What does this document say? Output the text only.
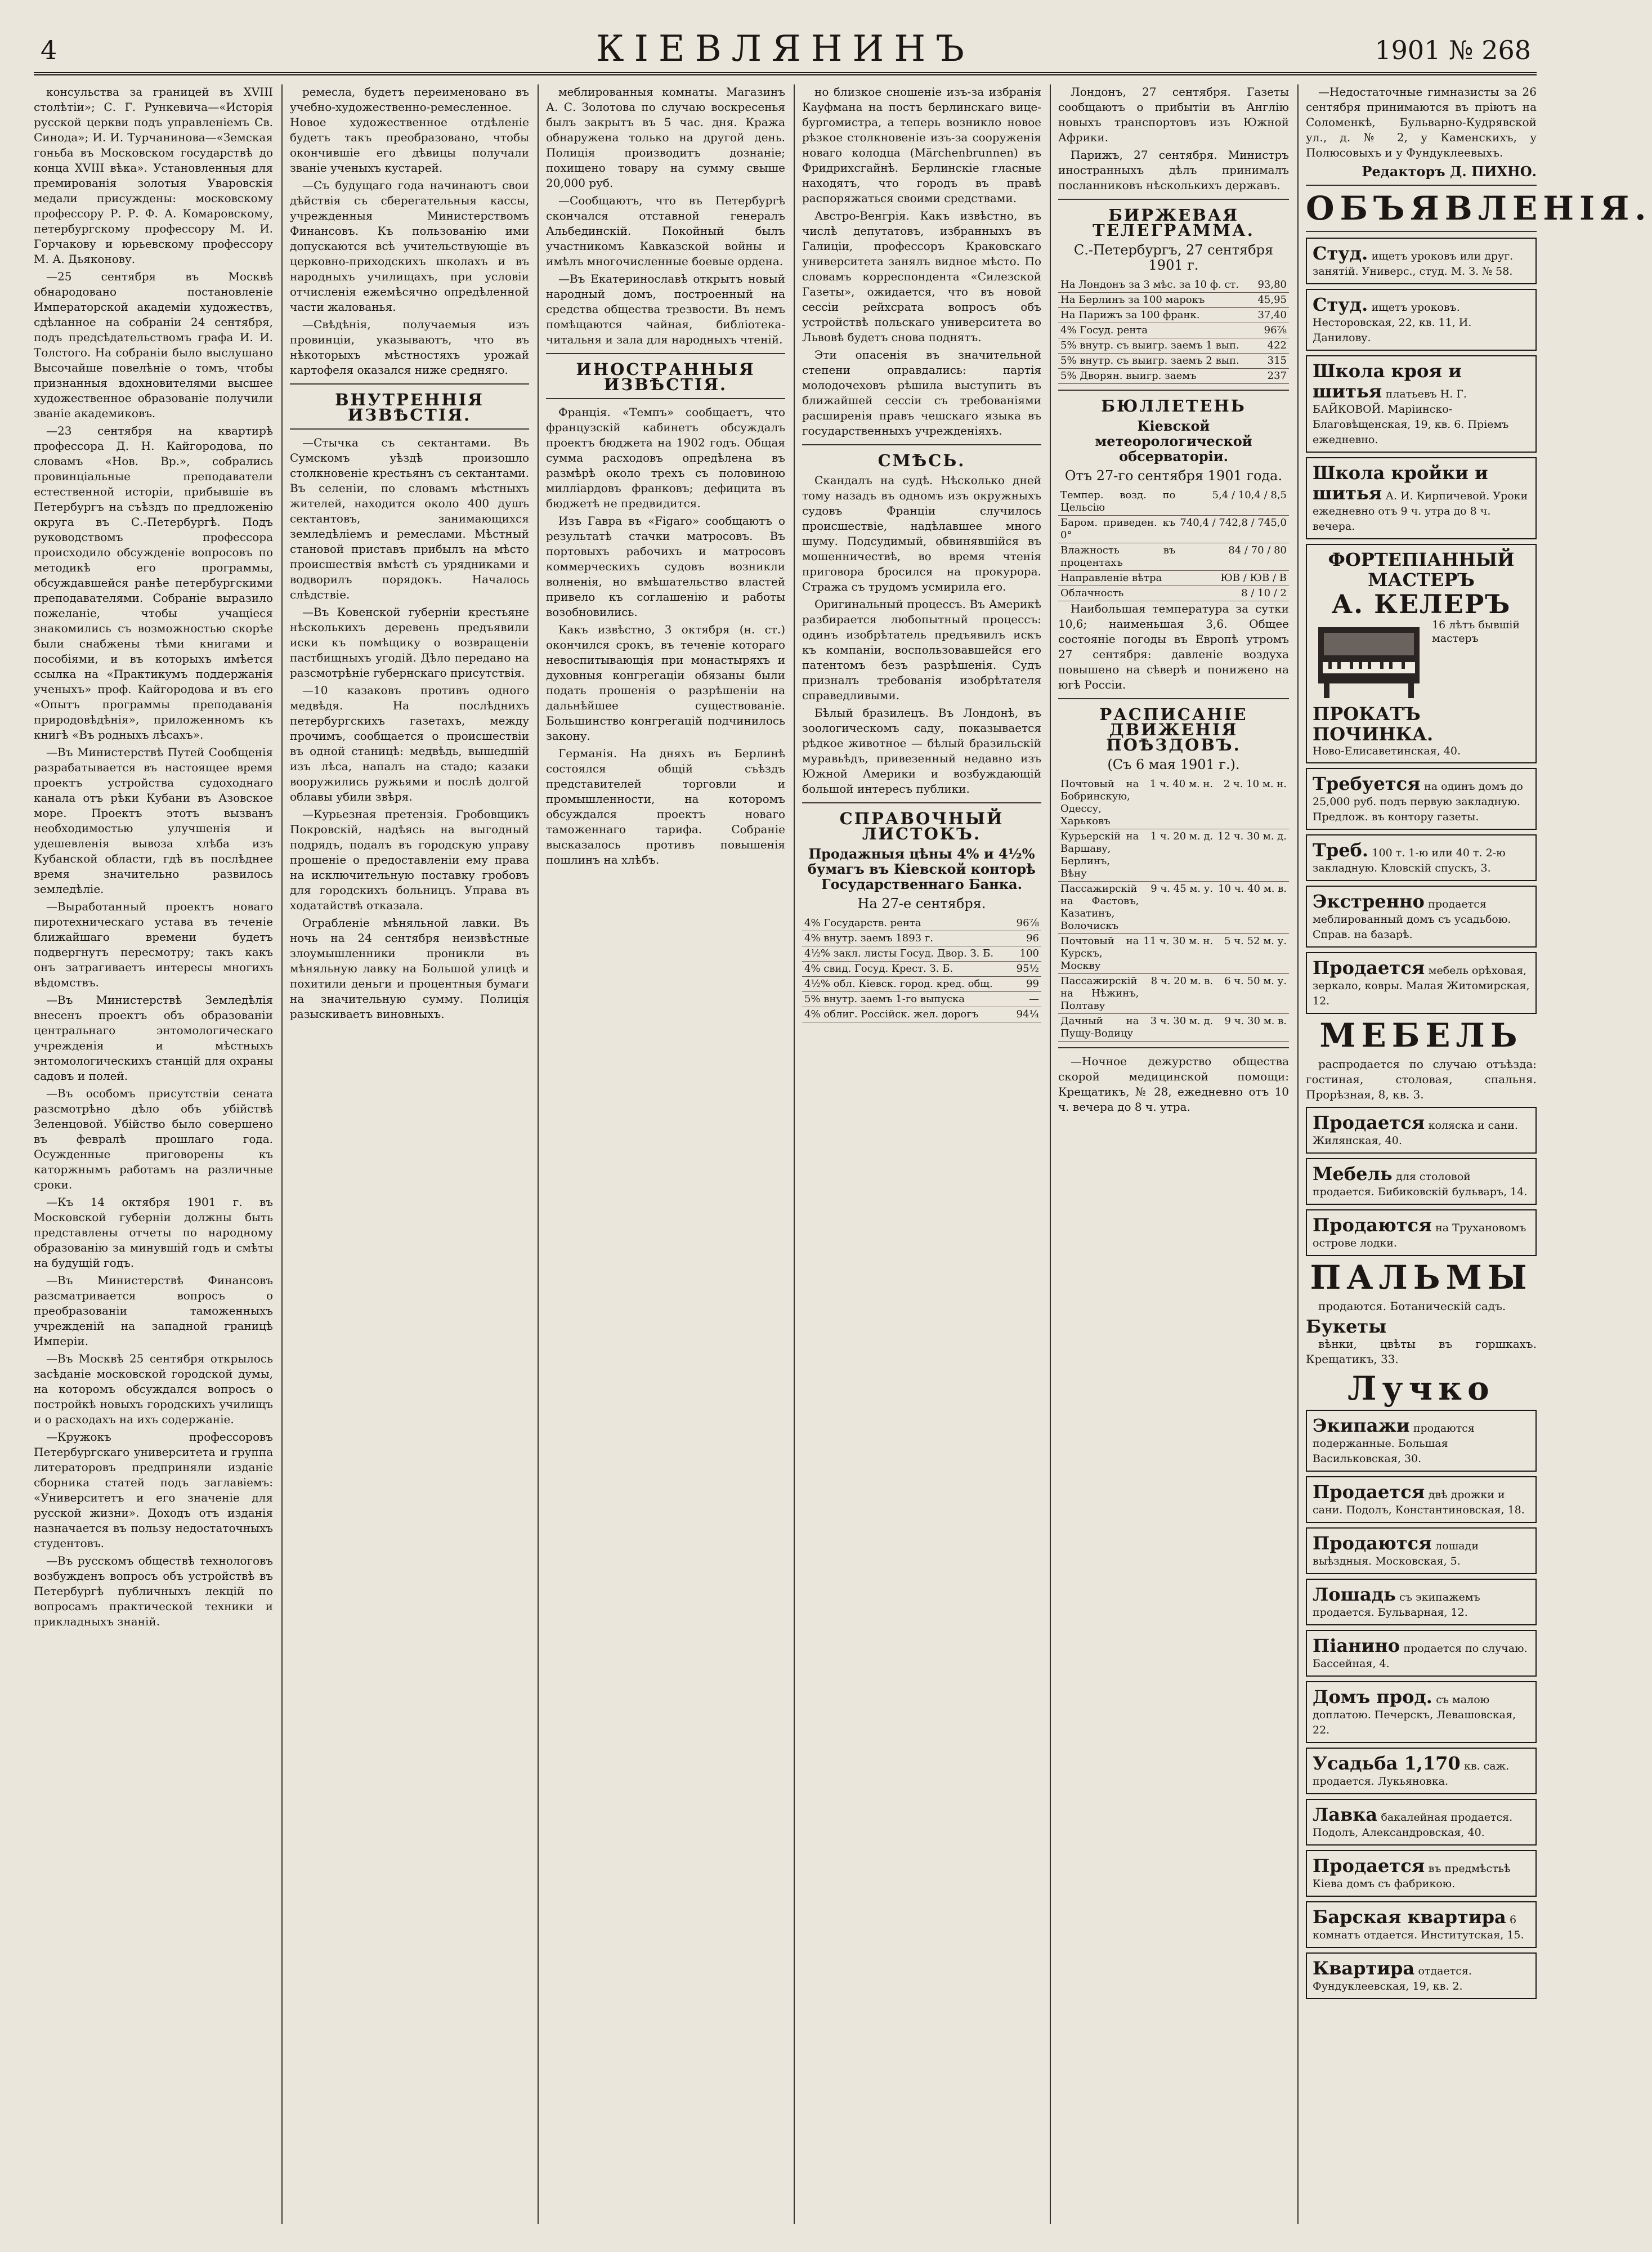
4	КІЕВЛЯНИНЪ	1901 № 268

консульства за границей въ XVIII столѣтіи»; С. Г. Рункевича—«Исторія русской церкви подъ управленіемъ Св. Синода»; И. И. Турчанинова—«Земская гоньба въ Московском государствѣ до конца XVIII вѣка». Установленныя для премированія золотыя Уваровскія медали присуждены: московскому профессору Р. Р. Ф. А. Комаровскому, петербургскому профессору М. И. Горчакову и юрьевскому профессору М. А. Дьяконову.

—25 сентября въ Москвѣ обнародовано постановленіе Императорской академіи художествъ, сдѣланное на собраніи 24 сентября, подъ предсѣдательствомъ графа И. И. Толстого. На собраніи было выслушано Высочайше повелѣніе о томъ, чтобы признанныя вдохновителями высшее художественное образованіе получили званіе академиковъ.

—23 сентября на квартирѣ профессора Д. Н. Кайгородова, по словамъ «Нов. Вр.», собрались провинціальные преподаватели естественной исторіи, прибывшіе въ Петербургъ на съѣздъ по предложенію округа въ С.-Петербургѣ. Подъ руководствомъ профессора происходило обсужденіе вопросовъ по методикѣ его программы, обсуждавшейся ранѣе петербургскими преподавателями. Собраніе выразило пожеланіе, чтобы учащіеся знакомились съ возможностью скорѣе были снабжены тѣми книгами и пособіями, и въ которыхъ имѣется ссылка на «Практикумъ поддержанія ученыхъ» проф. Кайгородова и въ его «Опытъ программы преподаванія природовѣдѣнія», приложенномъ къ книгѣ «Въ родныхъ лѣсахъ».

—Въ Министерствѣ Путей Сообщенія разрабатывается въ настоящее время проектъ устройства судоходнаго канала отъ рѣки Кубани въ Азовское море. Проектъ этотъ вызванъ необходимостью улучшенія и удешевленія вывоза хлѣба изъ Кубанской области, гдѣ въ послѣднее время значительно развилось земледѣліе.

—Выработанный проектъ новаго пиротехническаго устава въ теченіе ближайшаго времени будетъ подвергнутъ пересмотру; такъ какъ онъ затрагиваетъ интересы многихъ вѣдомствъ.

—Въ Министерствѣ Земледѣлія внесенъ проектъ объ образованіи центральнаго энтомологическаго учрежденія и мѣстныхъ энтомологическихъ станцій для охраны садовъ и полей.

—Въ особомъ присутствіи сената разсмотрѣно дѣло объ убійствѣ Зеленцовой. Убійство было совершено въ февралѣ прошлаго года. Осужденные приговорены къ каторжнымъ работамъ на различные сроки.

—Къ 14 октября 1901 г. въ Московской губерніи должны быть представлены отчеты по народному образованію за минувшій годъ и смѣты на будущій годъ.

—Въ Министерствѣ Финансовъ разсматривается вопросъ о преобразованіи таможенныхъ учрежденій на западной границѣ Имперіи.

—Въ Москвѣ 25 сентября открылось засѣданіе московской городской думы, на которомъ обсуждался вопросъ о постройкѣ новыхъ городскихъ училищъ и о расходахъ на ихъ содержаніе.

—Кружокъ профессоровъ Петербургскаго университета и группа литераторовъ предприняли изданіе сборника статей подъ заглавіемъ: «Университетъ и его значеніе для русской жизни». Доходъ отъ изданія назначается въ пользу недостаточныхъ студентовъ.

—Въ русскомъ обществѣ технологовъ возбужденъ вопросъ объ устройствѣ въ Петербургѣ публичныхъ лекцій по вопросамъ практической техники и прикладныхъ знаній.

ремесла, будетъ переименовано въ учебно-художественно-ремесленное. Новое художественное отдѣленіе будетъ такъ преобразовано, чтобы окончившіе его дѣвицы получали званіе ученыхъ кустарей.

—Съ будущаго года начинаютъ свои дѣйствія съ сберегательныя кассы, учрежденныя Министерствомъ Финансовъ. Къ пользованію ими допускаются всѣ учительствующіе въ церковно-приходскихъ школахъ и въ народныхъ училищахъ, при условіи отчисленія ежемѣсячно опредѣленной части жалованья.

—Свѣдѣнія, получаемыя изъ провинціи, указываютъ, что въ нѣкоторыхъ мѣстностяхъ урожай картофеля оказался ниже средняго.

ВНУТРЕННІЯ ИЗВѢСТІЯ.

—Стычка съ сектантами. Въ Сумскомъ уѣздѣ произошло столкновеніе крестьянъ съ сектантами. Въ селеніи, по словамъ мѣстныхъ жителей, находится около 400 душъ сектантовъ, занимающихся земледѣліемъ и ремеслами. Мѣстный становой приставъ прибылъ на мѣсто происшествія вмѣстѣ съ урядниками и водворилъ порядокъ. Началось слѣдствіе.

—Въ Ковенской губерніи крестьяне нѣсколькихъ деревень предъявили иски къ помѣщику о возвращеніи пастбищныхъ угодій. Дѣло передано на разсмотрѣніе губернскаго присутствія.

—10 казаковъ противъ одного медвѣдя. На послѣднихъ петербургскихъ газетахъ, между прочимъ, сообщается о происшествіи въ одной станицѣ: медвѣдь, вышедшій изъ лѣса, напалъ на стадо; казаки вооружились ружьями и послѣ долгой облавы убили звѣря.

—Курьезная претензія. Гробовщикъ Покровскій, надѣясь на выгодный подрядъ, подалъ въ городскую управу прошеніе о предоставленіи ему права на исключительную поставку гробовъ для городскихъ больницъ. Управа въ ходатайствѣ отказала.

Ограбленіе мѣняльной лавки. Въ ночь на 24 сентября неизвѣстные злоумышленники проникли въ мѣняльную лавку на Большой улицѣ и похитили деньги и процентныя бумаги на значительную сумму. Полиція разыскиваетъ виновныхъ.

меблированныя комнаты. Магазинъ А. С. Золотова по случаю воскресенья былъ закрытъ въ 5 час. дня. Кража обнаружена только на другой день. Полиція производитъ дознаніе; похищено товару на сумму свыше 20,000 руб.

—Сообщаютъ, что въ Петербургѣ скончался отставной генералъ Альбединскій. Покойный былъ участникомъ Кавказской войны и имѣлъ многочисленные боевые ордена.

—Въ Екатеринославѣ открытъ новый народный домъ, построенный на средства общества трезвости. Въ немъ помѣщаются чайная, библіотека-читальня и зала для народныхъ чтеній.

ИНОСТРАННЫЯ ИЗВѢСТІЯ.

Франція. «Темпъ» сообщаетъ, что французскій кабинетъ обсуждалъ проектъ бюджета на 1902 годъ. Общая сумма расходовъ опредѣлена въ размѣрѣ около трехъ съ половиною милліардовъ франковъ; дефицита въ бюджетѣ не предвидится.

Изъ Гавра въ «Figaro» сообщаютъ о результатѣ стачки матросовъ. Въ портовыхъ рабочихъ и матросовъ коммерческихъ судовъ возникли волненія, но вмѣшательство властей привело къ соглашенію и работы возобновились.

Какъ извѣстно, 3 октября (н. ст.) окончился срокъ, въ теченіе котораго невоспитывающія при монастыряхъ и духовныя конгрегаціи обязаны были подать прошенія о разрѣшеніи на дальнѣйшее существованіе. Большинство конгрегацій подчинилось закону.

Германія. На дняхъ въ Берлинѣ состоялся общій съѣздъ представителей торговли и промышленности, на которомъ обсуждался проектъ новаго таможеннаго тарифа. Собраніе высказалось противъ повышенія пошлинъ на хлѣбъ.

но близкое сношеніе изъ-за избранія Кауфмана на постъ берлинскаго вице-бургомистра, а теперь возникло новое рѣзкое столкновеніе изъ-за сооруженія новаго колодца (Märchenbrunnen) въ Фридрихсгайнѣ. Берлинскіе гласные находятъ, что городъ въ правѣ распоряжаться своими средствами.

Австро-Венгрія. Какъ извѣстно, въ числѣ депутатовъ, избранныхъ въ Галиціи, профессоръ Краковскаго университета занялъ видное мѣсто. По словамъ корреспондента «Силезской Газеты», ожидается, что въ новой сессіи рейхсрата вопросъ объ устройствѣ польскаго университета во Львовѣ будетъ снова поднятъ.

Эти опасенія въ значительной степени оправдались: партія молодочеховъ рѣшила выступить въ ближайшей сессіи съ требованіями расширенія правъ чешскаго языка въ государственныхъ учрежденіяхъ.

СМѢСЬ.

Скандалъ на судѣ. Нѣсколько дней тому назадъ въ одномъ изъ окружныхъ судовъ Франціи случилось происшествіе, надѣлавшее много шуму. Подсудимый, обвинявшійся въ мошенничествѣ, во время чтенія приговора бросился на прокурора. Стража съ трудомъ усмирила его.

Оригинальный процессъ. Въ Америкѣ разбирается любопытный процессъ: одинъ изобрѣтатель предъявилъ искъ къ компаніи, воспользовавшейся его патентомъ безъ разрѣшенія. Судъ призналъ требованія изобрѣтателя справедливыми.

Бѣлый бразилецъ. Въ Лондонѣ, въ зоологическомъ саду, показывается рѣдкое животное — бѣлый бразильскій муравьѣдъ, привезенный недавно изъ Южной Америки и возбуждающій большой интересъ публики.

СПРАВОЧНЫЙ ЛИСТОКЪ.
Продажныя цѣны 4% и 4½% бумагъ въ Кіевской конторѣ Государственнаго Банка.
На 27-е сентября.
4% Государств. рента	96⅞
4% внутр. заемъ 1893 г.	96
4½% закл. листы Госуд. Двор. З. Б.	100
4% свид. Госуд. Крест. З. Б.	95½
4½% обл. Кіевск. город. кред. общ.	99
5% внутр. заемъ 1-го выпуска	—
4% облиг. Россійск. жел. дорогъ	94¼

Лондонъ, 27 сентября. Газеты сообщаютъ о прибытіи въ Англію новыхъ транспортовъ изъ Южной Африки.

Парижъ, 27 сентября. Министръ иностранныхъ дѣлъ принималъ посланниковъ нѣсколькихъ державъ.

БИРЖЕВАЯ ТЕЛЕГРАММА.
С.-Петербургъ, 27 сентября 1901 г.
На Лондонъ за 3 мѣс. за 10 ф. ст.	93,80
На Берлинъ за 100 марокъ	45,95
На Парижъ за 100 франк.	37,40
4% Госуд. рента	96⅞
5% внутр. съ выигр. заемъ 1 вып.	422
5% внутр. съ выигр. заемъ 2 вып.	315
5% Дворян. выигр. заемъ	237
БЮЛЛЕТЕНЬ
Кіевской метеорологической обсерваторіи.
Отъ 27-го сентября 1901 года.
Темпер. возд. по Цельсію	5,4 / 10,4 / 8,5
Баром. приведен. къ 0°	740,4 / 742,8 / 745,0
Влажность въ процентахъ	84 / 70 / 80
Направленіе вѣтра	ЮВ / ЮВ / В
Облачность	8 / 10 / 2

Наибольшая температура за сутки 10,6; наименьшая 3,6. Общее состояніе погоды въ Европѣ утромъ 27 сентября: давленіе воздуха повышено на сѣверѣ и понижено на югѣ Россіи.

РАСПИСАНІЕ ДВИЖЕНІЯ ПОѢЗДОВЪ.
(Съ 6 мая 1901 г.).
Почтовый на Бобринскую, Одессу, Харьковъ	1 ч. 40 м. н.	2 ч. 10 м. н.
Курьерскій на Варшаву, Берлинъ, Вѣну	1 ч. 20 м. д.	12 ч. 30 м. д.
Пассажирскій на Фастовъ, Казатинъ, Волочискъ	9 ч. 45 м. у.	10 ч. 40 м. в.
Почтовый на Курскъ, Москву	11 ч. 30 м. н.	5 ч. 52 м. у.
Пассажирскій на Нѣжинъ, Полтаву	8 ч. 20 м. в.	6 ч. 50 м. у.
Дачный на Пущу-Водицу	3 ч. 30 м. д.	9 ч. 30 м. в.

—Ночное дежурство общества скорой медицинской помощи: Крещатикъ, № 28, ежедневно отъ 10 ч. вечера до 8 ч. утра.

—Недостаточные гимназисты за 26 сентября принимаются въ пріютъ на Соломенкѣ, Бульварно-Кудрявской ул., д. № 2, у Каменскихъ, у Полюсовыхъ и у Фундуклеевыхъ.

Редакторъ Д. ПИХНО.
ОБЪЯВЛЕНІЯ.
Студ. ищетъ уроковъ или друг. занятій. Универс., студ. М. З. № 58.
Студ. ищетъ уроковъ. Несторовская, 22, кв. 11, И. Данилову.
Школа кроя и шитья платьевъ Н. Г. БАЙКОВОЙ. Маріинско-Благовѣщенская, 19, кв. 6. Пріемъ ежедневно.
Школа кройки и шитья А. И. Кирпичевой. Уроки ежедневно отъ 9 ч. утра до 8 ч. вечера.
ФОРТЕПІАННЫЙ МАСТЕРЪ
А. КЕЛЕРЪ
16 лѣтъ бывшій мастеръ
ПРОКАТЪ
ПОЧИНКА.
Ново-Елисаветинская, 40.
Требуется на одинъ домъ до 25,000 руб. подъ первую закладную. Предлож. въ контору газеты.
Треб. 100 т. 1-ю или 40 т. 2-ю закладную. Кловскій спускъ, 3.
Экстренно продается меблированный домъ съ усадьбою. Справ. на базарѣ.
Продается мебель орѣховая, зеркало, ковры. Малая Житомирская, 12.
МЕБЕЛЬ

распродается по случаю отъѣзда: гостиная, столовая, спальня. Прорѣзная, 8, кв. 3.

Продается коляска и сани. Жилянская, 40.
Мебель для столовой продается. Бибиковскій бульваръ, 14.
Продаются на Трухановомъ острове лодки.
ПАЛЬМЫ

продаются. Ботаническій садъ.

Букеты

вѣнки, цвѣты въ горшкахъ. Крещатикъ, 33.

Лучко
Экипажи продаются подержанные. Большая Васильковская, 30.
Продается двѣ дрожки и сани. Подолъ, Константиновская, 18.
Продаются лошади выѣздныя. Московская, 5.
Лошадь съ экипажемъ продается. Бульварная, 12.
Піанино продается по случаю. Бассейная, 4.
Домъ прод. съ малою доплатою. Печерскъ, Левашовская, 22.
Усадьба 1,170 кв. саж. продается. Лукьяновка.
Лавка бакалейная продается. Подолъ, Александровская, 40.
Продается въ предмѣстьѣ Кіева домъ съ фабрикою.
Барская квартира 6 комнатъ отдается. Институтская, 15.
Квартира отдается. Фундуклеевская, 19, кв. 2.
